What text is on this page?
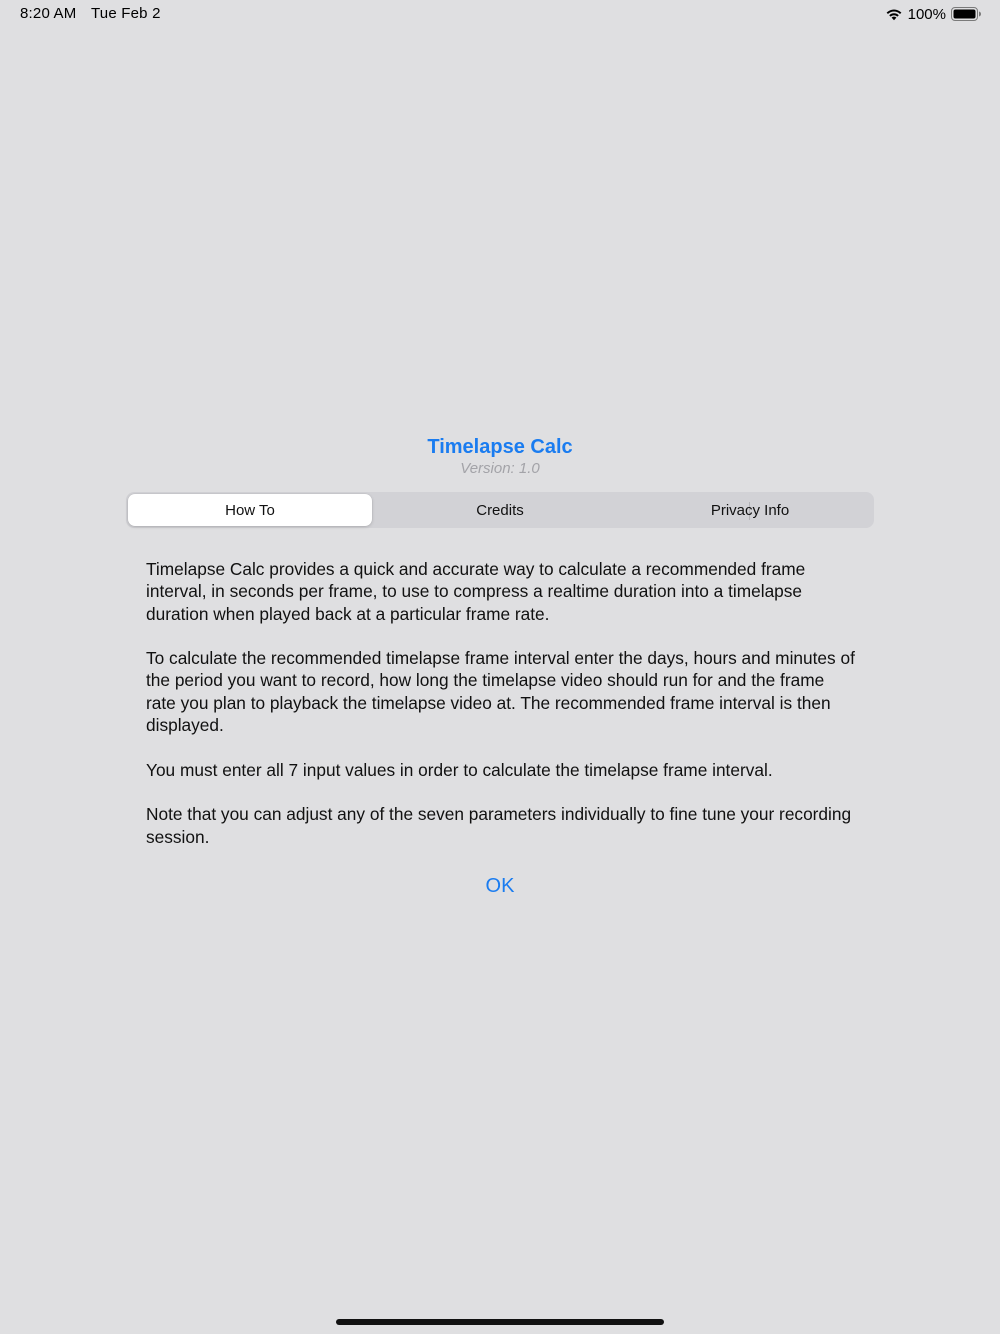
8:20 AM Tue Feb 2	100%
Timelapse Calc
Version: 1.0
How To	Credits	Privacy Info

Timelapse Calc provides a quick and accurate way to calculate a recommended frame interval, in seconds per frame, to use to compress a realtime duration into a timelapse duration when played back at a particular frame rate.

To calculate the recommended timelapse frame interval enter the days, hours and minutes of the period you want to record, how long the timelapse video should run for and the frame rate you plan to playback the timelapse video at. The recommended frame interval is then displayed.

You must enter all 7 input values in order to calculate the timelapse frame interval.

Note that you can adjust any of the seven parameters individually to fine tune your recording session.

OK
